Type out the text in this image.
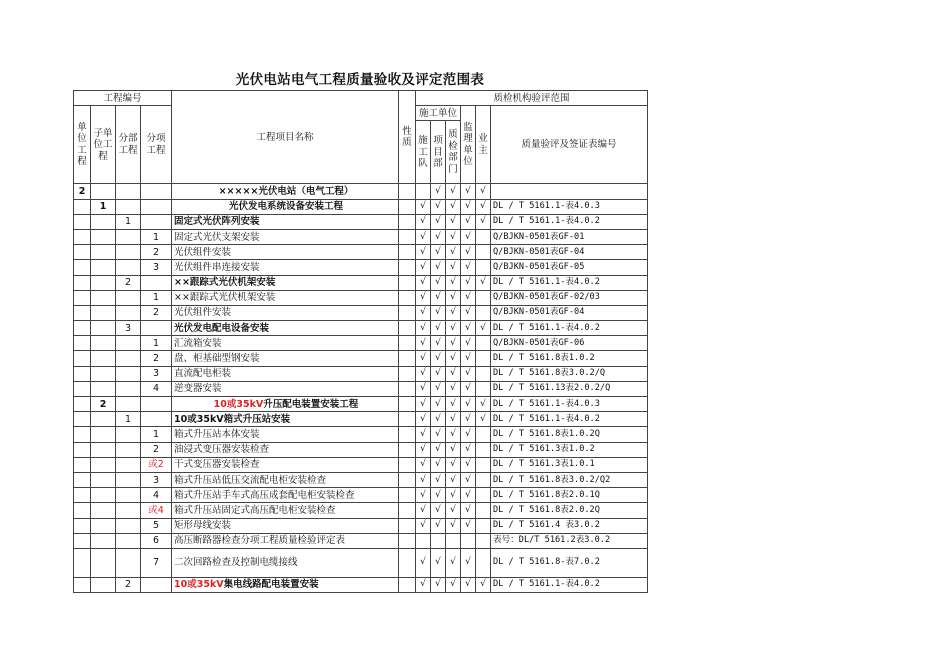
光伏电站电气工程质量验收及评定范围表
工程编号				工程项目名称	性质	质检机构验评范围					
单位工程	子单位工程	分部工程	分项工程			施工单位			监理单位	业主	质量验评及签证表编号
						施工队	项目部	质检部门			
2				×××××光伏电站（电气工程）			√	√	√	√	
	1			光伏发电系统设备安装工程		√	√	√	√	√	DL / T 5161.1-表4.0.3
		1		固定式光伏阵列安装		√	√	√	√	√	DL / T 5161.1-表4.0.2
			1	固定式光伏支架安装		√	√	√	√		Q/BJKN-0501表GF-01
			2	光伏组件安装		√	√	√	√		Q/BJKN-0501表GF-04
			3	光伏组件串连接安装		√	√	√	√		Q/BJKN-0501表GF-05
		2		××跟踪式光伏机架安装		√	√	√	√	√	DL / T 5161.1-表4.0.2
			1	××跟踪式光伏机架安装		√	√	√	√		Q/BJKN-0501表GF-02/03
			2	光伏组件安装		√	√	√	√		Q/BJKN-0501表GF-04
		3		光伏发电配电设备安装		√	√	√	√	√	DL / T 5161.1-表4.0.2
			1	汇流箱安装		√	√	√	√		Q/BJKN-0501表GF-06
			2	盘、柜基础型钢安装		√	√	√	√		DL / T 5161.8表1.0.2
			3	直流配电柜装		√	√	√	√		DL / T 5161.8表3.0.2/Q
			4	逆变器安装		√	√	√	√		DL / T 5161.13表2.0.2/Q
	2			10或35kV升压配电装置安装工程		√	√	√	√	√	DL / T 5161.1-表4.0.3
		1		10或35kV箱式升压站安装		√	√	√	√	√	DL / T 5161.1-表4.0.2
			1	箱式升压站本体安装		√	√	√	√		DL / T 5161.8表1.0.2Q
			2	油浸式变压器安装检查		√	√	√	√		DL / T 5161.3表1.0.2
			或2	干式变压器安装检查		√	√	√	√		DL / T 5161.3表1.0.1
			3	箱式升压站低压交流配电柜安装检查		√	√	√	√		DL / T 5161.8表3.0.2/Q2
			4	箱式升压站手车式高压成套配电柜安装检查		√	√	√	√		DL / T 5161.8表2.0.1Q
			或4	箱式升压站固定式高压配电柜安装检查		√	√	√	√		DL / T 5161.8表2.0.2Q
			5	矩形母线安装		√	√	√	√		DL / T 5161.4 表3.0.2
			6	高压断路器检查分项工程质量检验评定表							表号：DL/T 5161.2表3.0.2
			7	二次回路检查及控制电缆接线		√	√	√	√		DL / T 5161.8-表7.0.2
		2		10或35kV集电线路配电装置安装		√	√	√	√	√	DL / T 5161.1-表4.0.2
